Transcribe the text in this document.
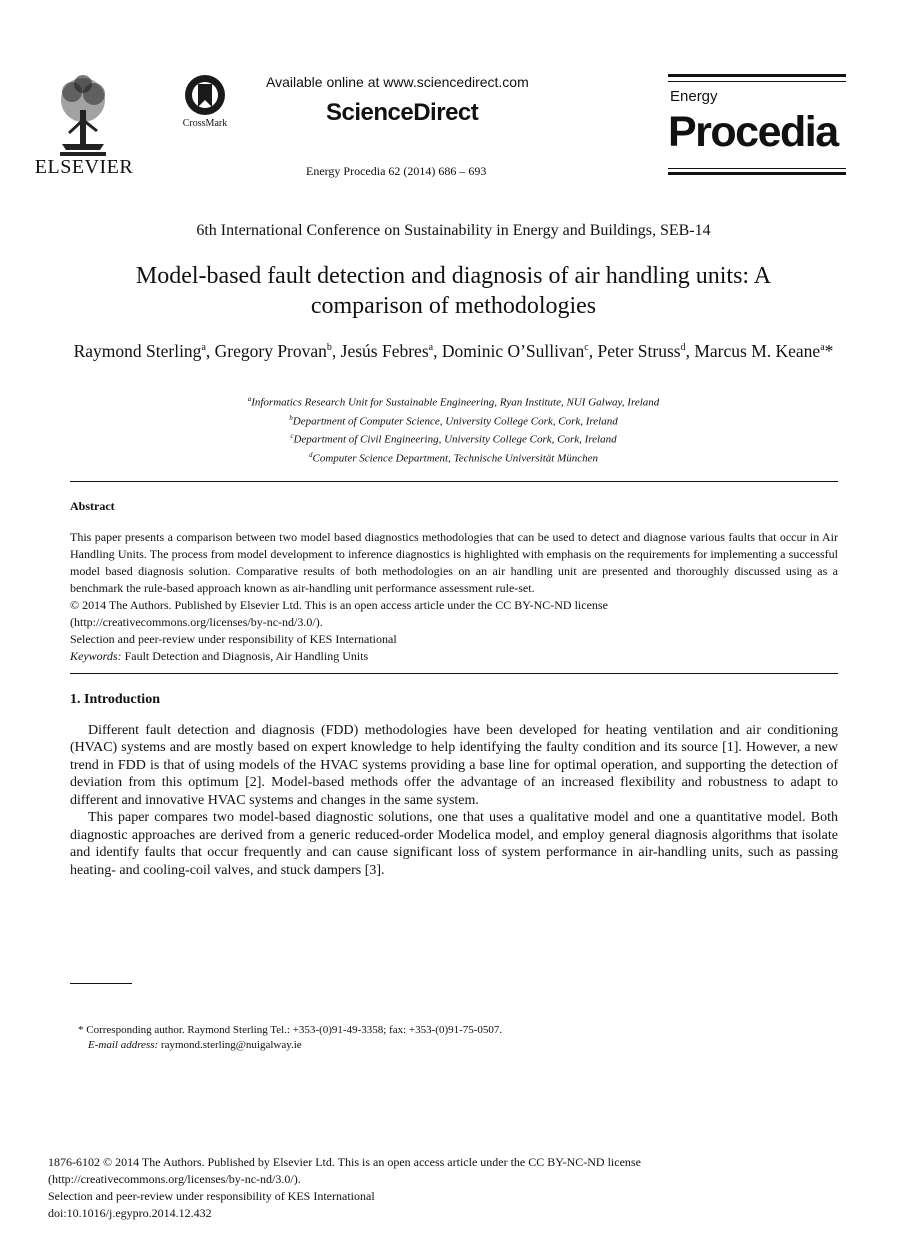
ELSEVIER
CrossMark
Available online at www.sciencedirect.com
ScienceDirect
Energy Procedia 62 (2014) 686 – 693
Energy
Procedia
6th International Conference on Sustainability in Energy and Buildings, SEB-14
Model-based fault detection and diagnosis of air handling units: A comparison of methodologies
Raymond Sterling$^a$, Gregory Provan$^b$, Jesús Febres$^a$, Dominic O’Sullivan$^c$, Peter Struss$^d$, Marcus M. Keane$^a$*
$^a$Informatics Research Unit for Sustainable Engineering, Ryan Institute, NUI Galway, Ireland
$^b$Department of Computer Science, University College Cork, Cork, Ireland
$^c$Department of Civil Engineering, University College Cork, Cork, Ireland
$^d$Computer Science Department, Technische Universität München
Abstract

This paper presents a comparison between two model based diagnostics methodologies that can be used to detect and diagnose various faults that occur in Air Handling Units. The process from model development to inference diagnostics is highlighted with emphasis on the requirements for implementing a successful model based diagnosis solution. Comparative results of both methodologies on an air handling unit are presented and thoroughly discussed using as a benchmark the rule-based approach known as air-handling unit performance assessment rule-set.

© 2014 The Authors. Published by Elsevier Ltd. This is an open access article under the CC BY-NC-ND license

(http://creativecommons.org/licenses/by-nc-nd/3.0/).

Selection and peer-review under responsibility of KES International

Keywords: Fault Detection and Diagnosis, Air Handling Units

1. Introduction

Different fault detection and diagnosis (FDD) methodologies have been developed for heating ventilation and air conditioning (HVAC) systems and are mostly based on expert knowledge to help identifying the faulty condition and its source [1]. However, a new trend in FDD is that of using models of the HVAC systems providing a base line for optimal operation, and supporting the detection of deviation from this optimum [2]. Model-based methods offer the advantage of an increased flexibility and robustness to adapt to different and innovative HVAC systems and changes in the same system.

This paper compares two model-based diagnostic solutions, one that uses a qualitative model and one a quantitative model. Both diagnostic approaches are derived from a generic reduced-order Modelica model, and employ general diagnosis algorithms that isolate and identify faults that occur frequently and can cause significant loss of system performance in air-handling units, such as passing heating- and cooling-coil valves, and stuck dampers [3].

* Corresponding author. Raymond Sterling Tel.: +353-(0)91-49-3358; fax: +353-(0)91-75-0507.
E-mail address: raymond.sterling@nuigalway.ie
1876-6102 © 2014 The Authors. Published by Elsevier Ltd. This is an open access article under the CC BY-NC-ND license
(http://creativecommons.org/licenses/by-nc-nd/3.0/).
Selection and peer-review under responsibility of KES International
doi:10.1016/j.egypro.2014.12.432
